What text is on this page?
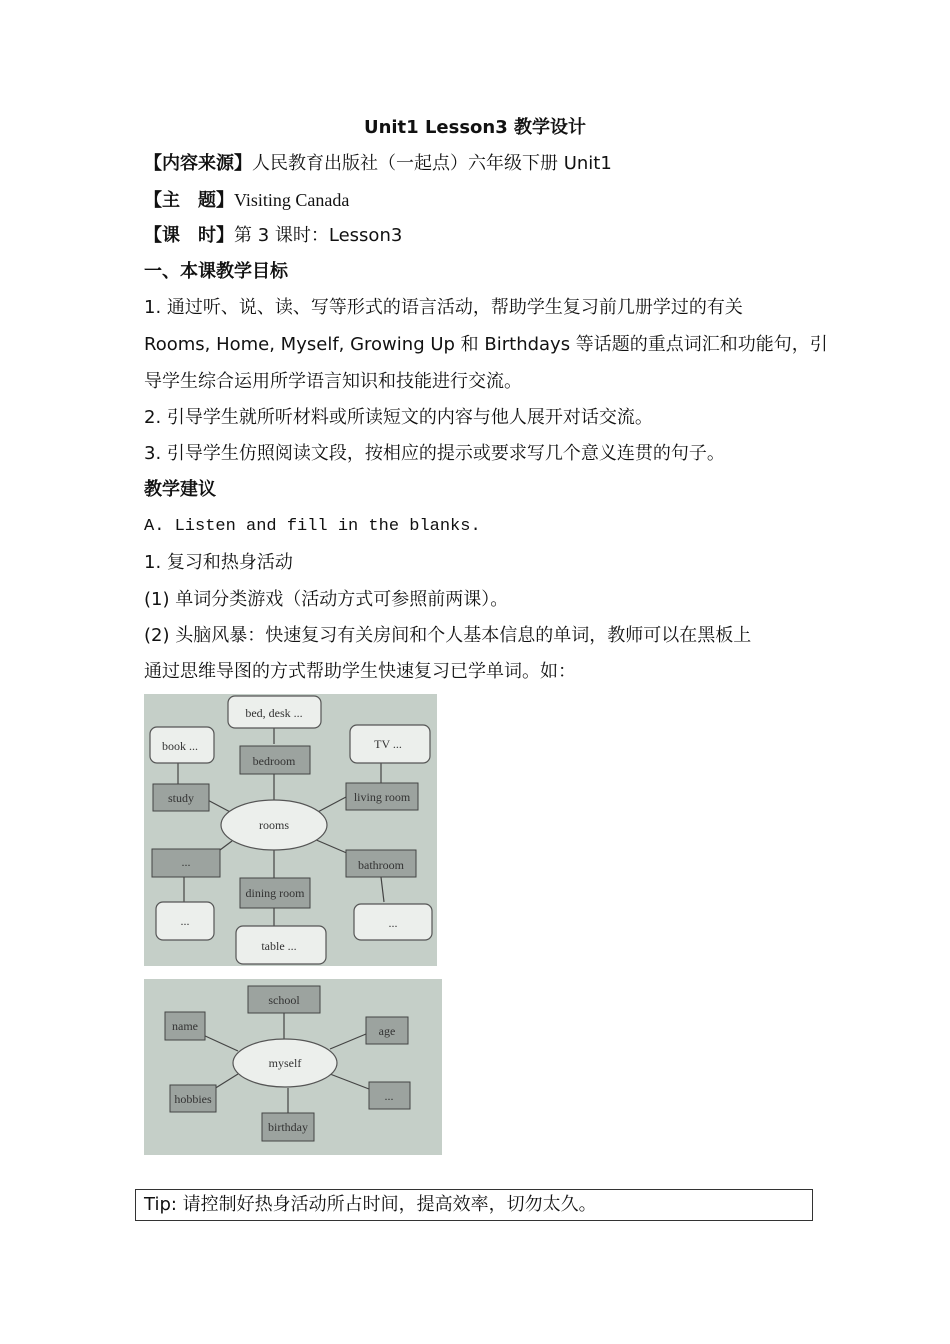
Unit1 Lesson3 教学设计
【内容来源】人民教育出版社（一起点）六年级下册 Unit1
【主　题】Visiting Canada
【课　时】第 3 课时：Lesson3
一、本课教学目标
1. 通过听、说、读、写等形式的语言活动，帮助学生复习前几册学过的有关
Rooms, Home, Myself, Growing Up 和 Birthdays 等话题的重点词汇和功能句，引
导学生综合运用所学语言知识和技能进行交流。
2. 引导学生就所听材料或所读短文的内容与他人展开对话交流。
3. 引导学生仿照阅读文段，按相应的提示或要求写几个意义连贯的句子。
教学建议
A. Listen and fill in the blanks.
1. 复习和热身活动
(1) 单词分类游戏（活动方式可参照前两课）。
(2) 头脑风暴：快速复习有关房间和个人基本信息的单词，教师可以在黑板上
通过思维导图的方式帮助学生快速复习已学单词。如：
bed, desk ...
bedroom
book ...
study
TV ...
living room
rooms
...
...
dining room
table ...
bathroom
...
school
name	age
myself
hobbies	...
birthday
Tip: 请控制好热身活动所占时间，提高效率，切勿太久。
